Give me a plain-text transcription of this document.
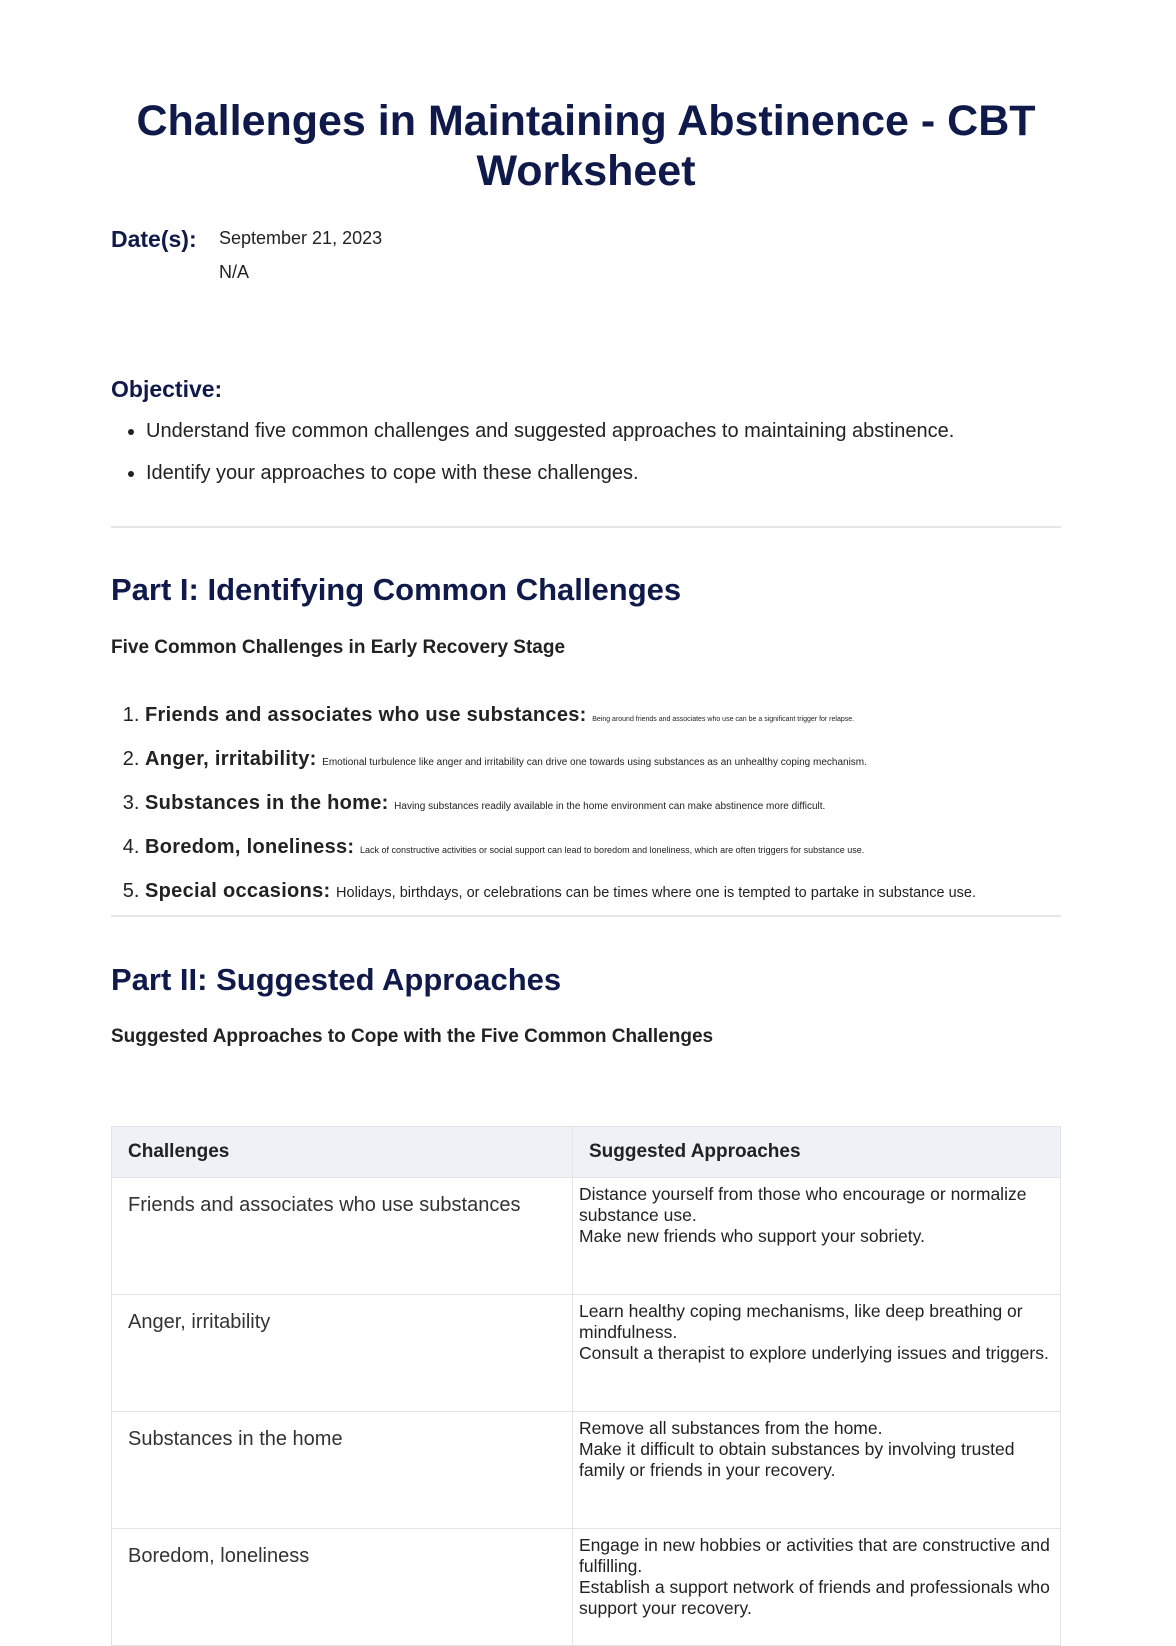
Challenges in Maintaining Abstinence - CBT Worksheet
Date(s): September 21, 2023
N/A
Objective:
• Understand five common challenges and suggested approaches to maintaining abstinence.
• Identify your approaches to cope with these challenges.
Part I: Identifying Common Challenges
Five Common Challenges in Early Recovery Stage
1. Friends and associates who use substances: Being around friends and associates who use can be a significant trigger for relapse.
2. Anger, irritability: Emotional turbulence like anger and irritability can drive one towards using substances as an unhealthy coping mechanism.
3. Substances in the home: Having substances readily available in the home environment can make abstinence more difficult.
4. Boredom, loneliness: Lack of constructive activities or social support can lead to boredom and loneliness, which are often triggers for substance use.
5. Special occasions: Holidays, birthdays, or celebrations can be times where one is tempted to partake in substance use.
Part II: Suggested Approaches
Suggested Approaches to Cope with the Five Common Challenges
Challenges	Suggested Approaches
Friends and associates who use substances	Distance yourself from those who encourage or normalize substance use.
Make new friends who support your sobriety.

Anger, irritability	Learn healthy coping mechanisms, like deep breathing or mindfulness.
Consult a therapist to explore underlying issues and triggers.

Substances in the home	Remove all substances from the home.
Make it difficult to obtain substances by involving trusted family or friends in your recovery.

Boredom, loneliness	Engage in new hobbies or activities that are constructive and fulfilling.
Establish a support network of friends and professionals who support your recovery.
